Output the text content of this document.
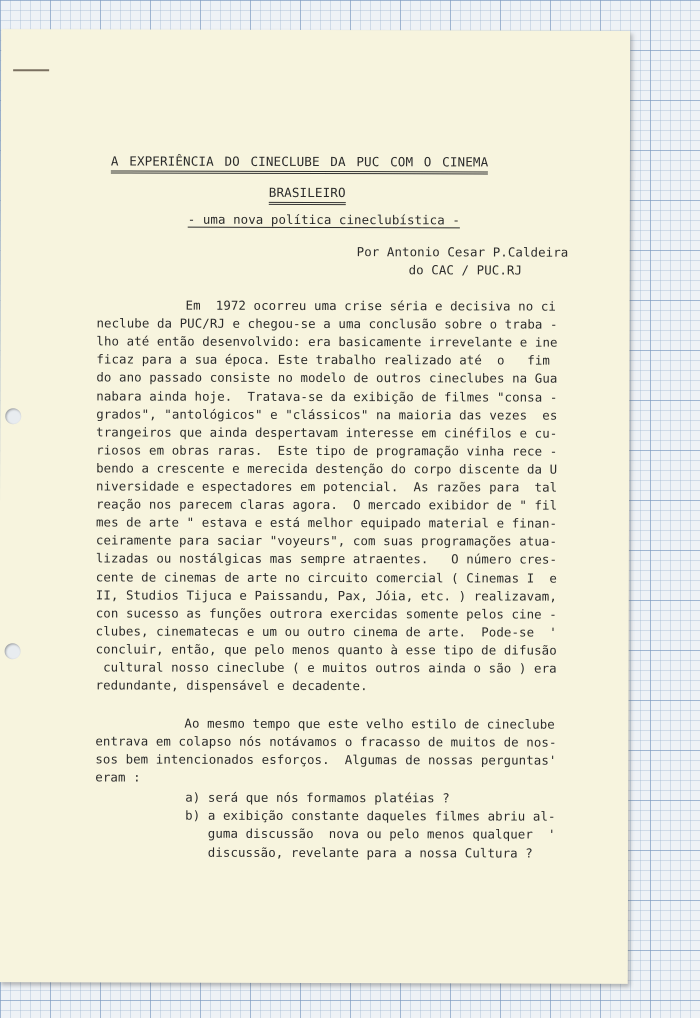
A EXPERIÊNCIA DO CINECLUBE DA PUC COM O CINEMA
BRASILEIRO
- uma nova política cineclubística -
Por Antonio Cesar P.Caldeira
do CAC / PUC.RJ
Em  1972 ocorreu uma crise séria e decisiva no ci
neclube da PUC/RJ e chegou-se a uma conclusão sobre o traba -
lho até então desenvolvido: era basicamente irrevelante e ine
ficaz para a sua época. Este trabalho realizado até  o   fim
do ano passado consiste no modelo de outros cineclubes na Gua
nabara ainda hoje.  Tratava-se da exibição de filmes "consa -
grados", "antológicos" e "clássicos" na maioria das vezes  es
trangeiros que ainda despertavam interesse em cinéfilos e cu-
riosos em obras raras.  Este tipo de programação vinha rece -
bendo a crescente e merecida destenção do corpo discente da U
niversidade e espectadores em potencial.  As razões para  tal
reação nos parecem claras agora.  O mercado exibidor de " fil
mes de arte " estava e está melhor equipado material e finan-
ceiramente para saciar "voyeurs", com suas programações atua-
lizadas ou nostálgicas mas sempre atraentes.   O número cres-
cente de cinemas de arte no circuito comercial ( Cinemas I  e
II, Studios Tijuca e Paissandu, Pax, Jóia, etc. ) realizavam,
con sucesso as funções outrora exercidas somente pelos cine -
clubes, cinematecas e um ou outro cinema de arte.  Pode-se  '
concluir, então, que pelo menos quanto à esse tipo de difusão
cultural nosso cineclube ( e muitos outros ainda o são ) era
redundante, dispensável e decadente.
Ao mesmo tempo que este velho estilo de cineclube
entrava em colapso nós notávamos o fracasso de muitos de nos-
sos bem intencionados esforços.  Algumas de nossas perguntas'
eram :
a) será que nós formamos platéias ?
b) a exibição constante daqueles filmes abriu al-
guma discussão  nova ou pelo menos qualquer  '
discussão, revelante para a nossa Cultura ?
